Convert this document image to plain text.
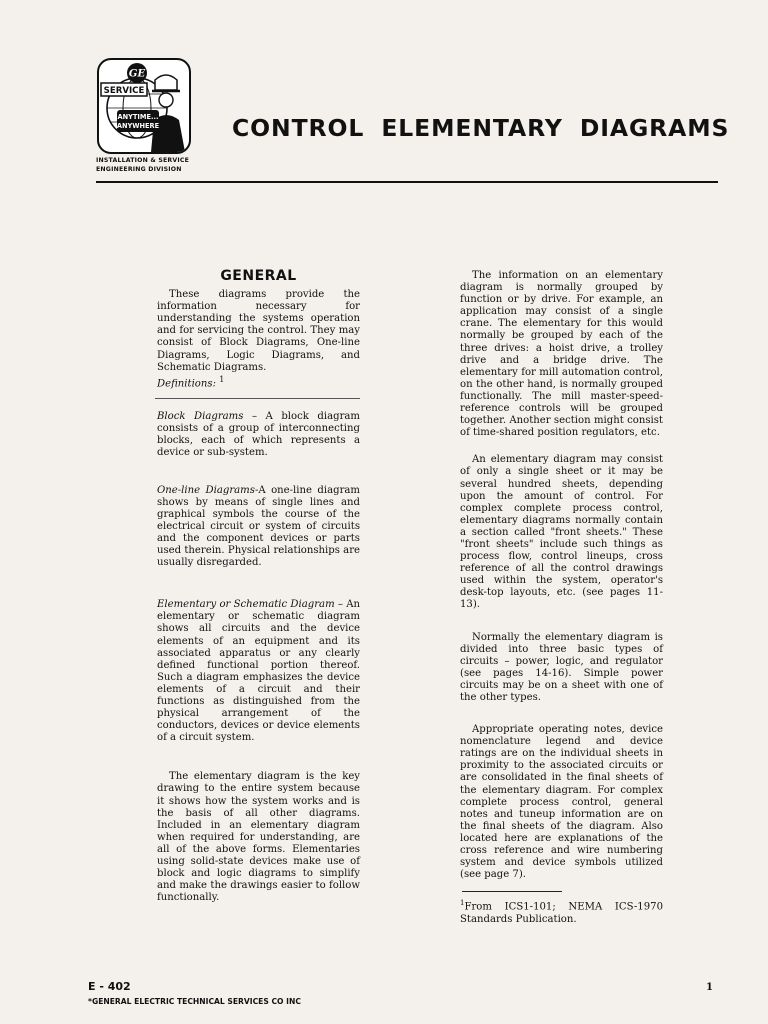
GE
SERVICE
ANYTIME...
ANYWHERE
INSTALLATION & SERVICE
ENGINEERING DIVISION
CONTROL ELEMENTARY DIAGRAMS
GENERAL

These diagrams provide the information necessary for understanding the systems operation and for servicing the control. They may consist of Block Diagrams, One-line Diagrams, Logic Diagrams, and Schematic Diagrams.

Definitions: $^1$

Block Diagrams – A block diagram consists of a group of interconnecting blocks, each of which represents a device or sub-system.

One-line Diagrams-A one-line diagram shows by means of single lines and graphical symbols the course of the electrical circuit or system of circuits and the component devices or parts used therein. Physical relationships are usually disregarded.

Elementary or Schematic Diagram – An elementary or schematic diagram shows all circuits and the device elements of an equipment and its associated apparatus or any clearly defined functional portion thereof. Such a diagram emphasizes the device elements of a circuit and their functions as distinguished from the physical arrangement of the conductors, devices or device elements of a circuit system.

The elementary diagram is the key drawing to the entire system because it shows how the system works and is the basis of all other diagrams. Included in an elementary diagram when required for understanding, are all of the above forms. Elementaries using solid-state devices make use of block and logic diagrams to simplify and make the drawings easier to follow functionally.

The information on an elementary diagram is normally grouped by function or by drive. For example, an application may consist of a single crane. The elementary for this would normally be grouped by each of the three drives: a hoist drive, a trolley drive and a bridge drive. The elementary for mill automation control, on the other hand, is normally grouped functionally. The mill master-speed-reference controls will be grouped together. Another section might consist of time-shared position regulators, etc.

An elementary diagram may consist of only a single sheet or it may be several hundred sheets, depending upon the amount of control. For complex complete process control, elementary diagrams normally contain a section called "front sheets." These "front sheets" include such things as process flow, control lineups, cross reference of all the control drawings used within the system, operator's desk-top layouts, etc. (see pages 11-13).

Normally the elementary diagram is divided into three basic types of circuits – power, logic, and regulator (see pages 14-16). Simple power circuits may be on a sheet with one of the other types.

Appropriate operating notes, device nomenclature legend and device ratings are on the individual sheets in proximity to the associated circuits or are consolidated in the final sheets of the elementary diagram. For complex complete process control, general notes and tuneup information are on the final sheets of the diagram. Also located here are explanations of the cross reference and wire numbering system and device symbols utilized (see page 7).

$^1$From ICS1-101; NEMA ICS-1970 Standards Publication.

E - 402
*GENERAL ELECTRIC TECHNICAL SERVICES CO INC
1
